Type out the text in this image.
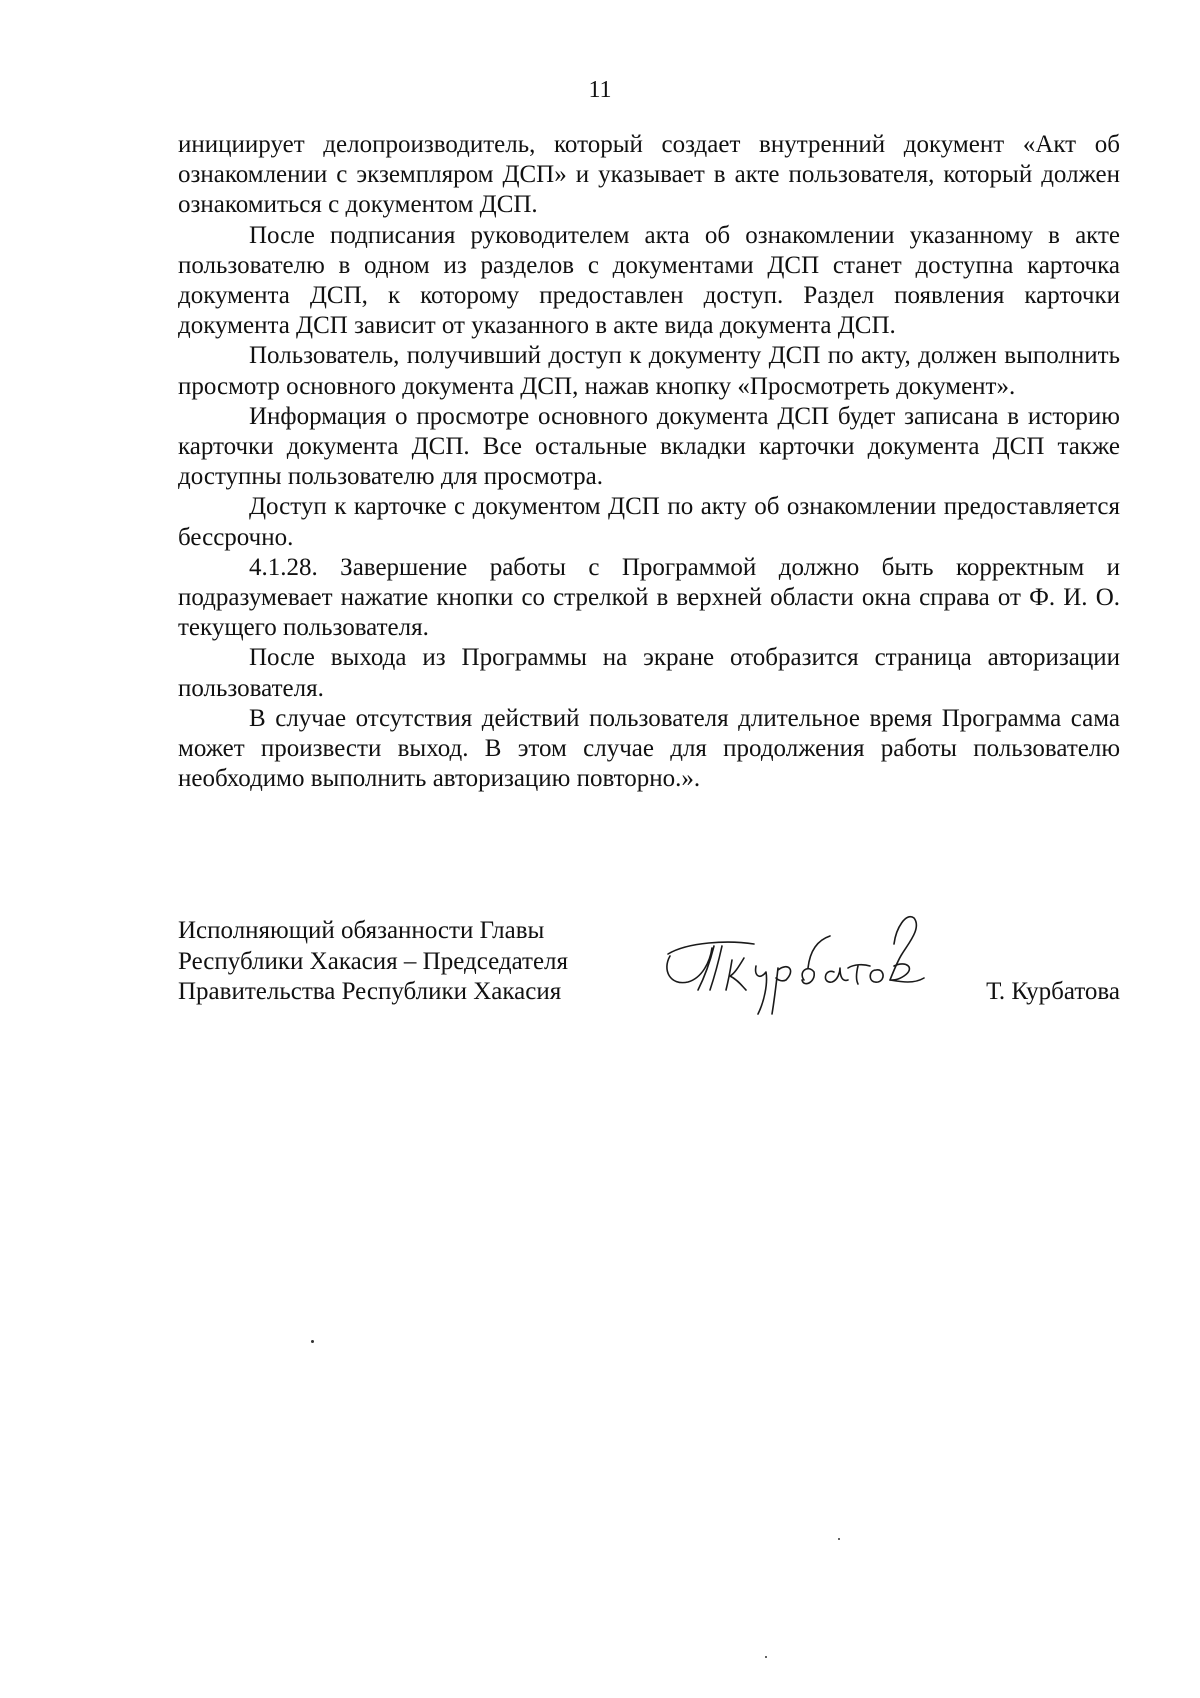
11

инициирует делопроизводитель, который создает внутренний документ «Акт об ознакомлении с экземпляром ДСП» и указывает в акте пользователя, который должен ознакомиться с документом ДСП.

После подписания руководителем акта об ознакомлении указанному в акте пользователю в одном из разделов с документами ДСП станет доступна карточка документа ДСП, к которому предоставлен доступ. Раздел появления карточки документа ДСП зависит от указанного в акте вида документа ДСП.

Пользователь, получивший доступ к документу ДСП по акту, должен выполнить просмотр основного документа ДСП, нажав кнопку «Просмотреть документ».

Информация о просмотре основного документа ДСП будет записана в историю карточки документа ДСП. Все остальные вкладки карточки документа ДСП также доступны пользователю для просмотра.

Доступ к карточке с документом ДСП по акту об ознакомлении предоставляется бессрочно.

4.1.28. Завершение работы с Программой должно быть корректным и подразумевает нажатие кнопки со стрелкой в верхней области окна справа от Ф. И. О. текущего пользователя.

После выхода из Программы на экране отобразится страница авторизации пользователя.

В случае отсутствия действий пользователя длительное время Программа сама может произвести выход. В этом случае для продолжения работы пользователю необходимо выполнить авторизацию повторно.».

Исполняющий обязанности Главы
Республики Хакасия – Председателя
Правительства Республики Хакасия	Т. Курбатова
